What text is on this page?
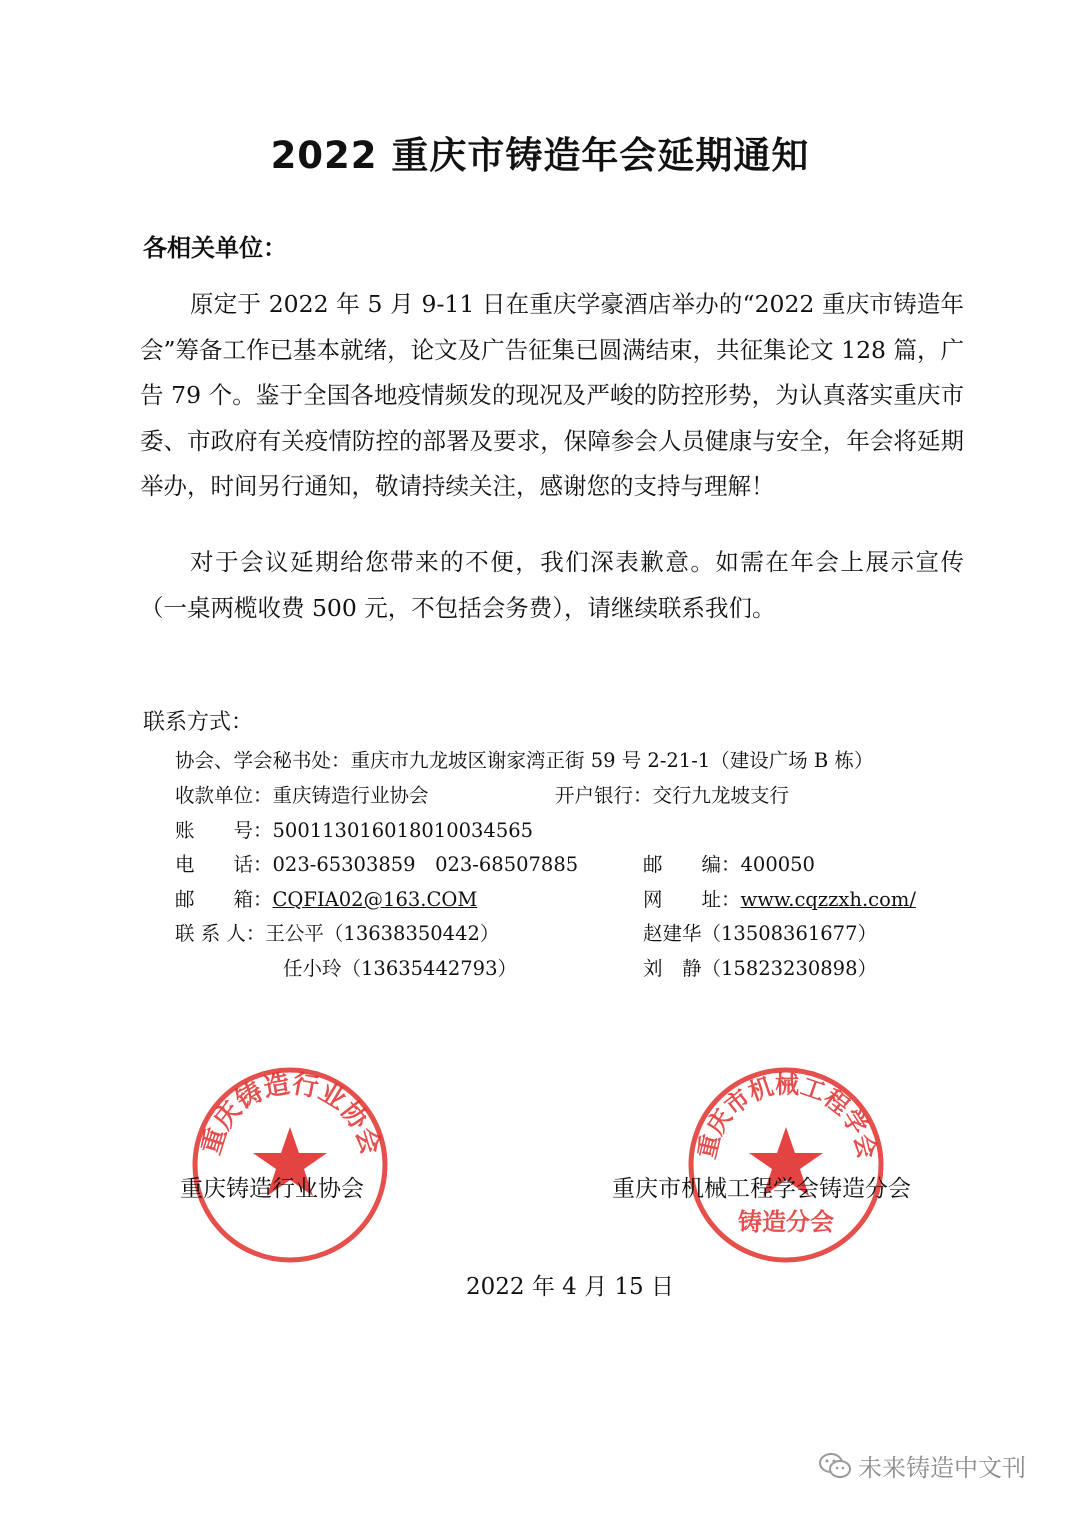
2022 重庆市铸造年会延期通知
各相关单位：
原定于 2022 年 5 月 9-11 日在重庆学豪酒店举办的“2022 重庆市铸造年会”筹备工作已基本就绪，论文及广告征集已圆满结束，共征集论文 128 篇，广告 79 个。鉴于全国各地疫情频发的现况及严峻的防控形势，为认真落实重庆市委、市政府有关疫情防控的部署及要求，保障参会人员健康与安全，年会将延期举办，时间另行通知，敬请持续关注，感谢您的支持与理解！
对于会议延期给您带来的不便，我们深表歉意。如需在年会上展示宣传（一桌两榄收费 500 元，不包括会务费），请继续联系我们。
联系方式：
协会、学会秘书处：重庆市九龙坡区谢家湾正街 59 号 2-21-1（建设广场 B 栋）
收款单位：重庆铸造行业协会	开户银行：交行九龙坡支行
账　　号：500113016018010034565
电　　话：023-65303859　023-68507885	邮　　编：400050
邮　　箱：CQFIA02@163.COM	网　　址：www.cqzzxh.com/
联 系 人：王公平（13638350442）	赵建华（13508361677）
任小玲（13635442793）	刘　静（15823230898）
重庆铸造行业协会	重庆市机械工程学会
铸造分会
重庆铸造行业协会	重庆市机械工程学会铸造分会
2022 年 4 月 15 日
未来铸造中文刊
